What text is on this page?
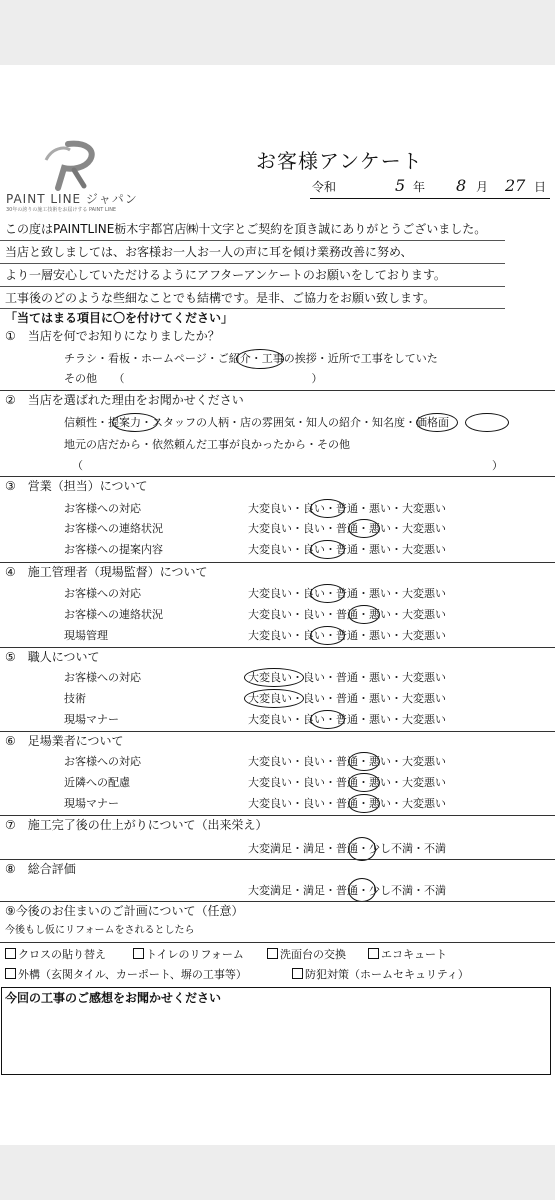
PAINT LINE ジャパン
30年の誇りの施工技術をお届けする PAINT LINE
お客様アンケート
令和	5 年 8 月 27 日
この度はPAINTLINE栃木宇都宮店㈱十文字とご契約を頂き誠にありがとうございました。
当店と致しましては、お客様お一人お一人の声に耳を傾け業務改善に努め、
より一層安心していただけるようにアフターアンケートのお願いをしております。
工事後のどのような些細なことでも結構です。是非、ご協力をお願い致します。
「当てはまる項目に〇を付けてください」
①　当店を何でお知りになりましたか？
チラシ・看板・ホームページ・ご紹介・工事の挨拶・近所で工事をしていた
その他　　（　　　　　　　　　　　　　　　　　）
②　当店を選ばれた理由をお聞かせください
信頼性・提案力・スタッフの人柄・店の雰囲気・知人の紹介・知名度・価格面
地元の店だから・依然頼んだ工事が良かったから・その他
（	）
③　営業（担当）について
お客様への対応	大変良い・良い・普通・悪い・大変悪い
お客様への連絡状況	大変良い・良い・普通・悪い・大変悪い
お客様への提案内容	大変良い・良い・普通・悪い・大変悪い
④　施工管理者（現場監督）について
お客様への対応	大変良い・良い・普通・悪い・大変悪い
お客様への連絡状況	大変良い・良い・普通・悪い・大変悪い
現場管理	大変良い・良い・普通・悪い・大変悪い
⑤　職人について
お客様への対応	大変良い・良い・普通・悪い・大変悪い
技術	大変良い・良い・普通・悪い・大変悪い
現場マナー	大変良い・良い・普通・悪い・大変悪い
⑥　足場業者について
お客様への対応	大変良い・良い・普通・悪い・大変悪い
近隣への配慮	大変良い・良い・普通・悪い・大変悪い
現場マナー	大変良い・良い・普通・悪い・大変悪い
⑦　施工完了後の仕上がりについて（出来栄え）
大変満足・満足・普通・少し不満・不満
⑧　総合評価
大変満足・満足・普通・少し不満・不満
⑨今後のお住まいのご計画について（任意）
今後もし仮にリフォームをされるとしたら
クロスの貼り替え	トイレのリフォーム	洗面台の交換	エコキュート
外構（玄関タイル、カーポート、塀の工事等）	防犯対策（ホームセキュリティ）
今回の工事のご感想をお聞かせください
